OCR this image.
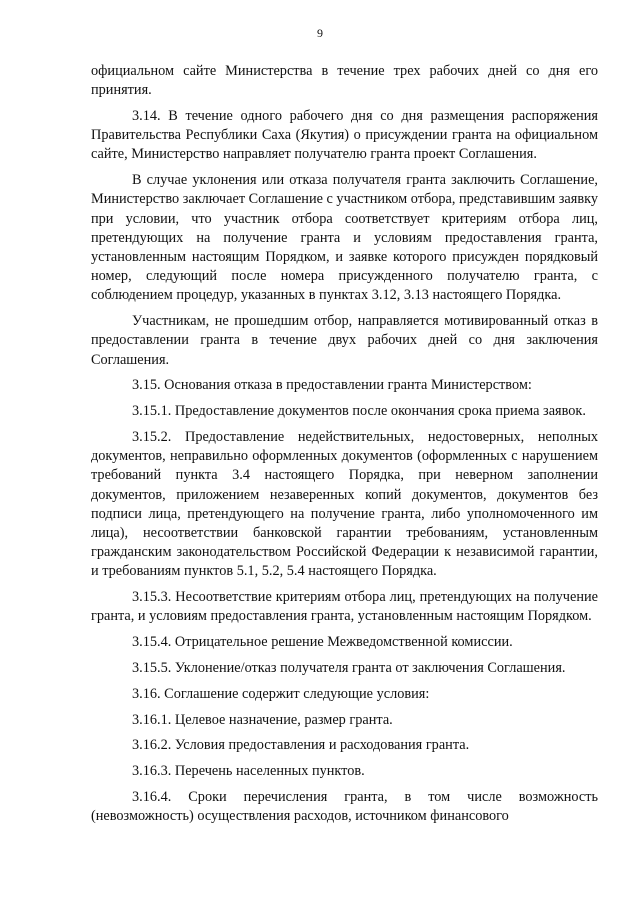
9

официальном сайте Министерства в течение трех рабочих дней со дня его принятия.

3.14. В течение одного рабочего дня со дня размещения распоряжения Правительства Республики Саха (Якутия) о присуждении гранта на официальном сайте, Министерство направляет получателю гранта проект Соглашения.

В случае уклонения или отказа получателя гранта заключить Соглашение, Министерство заключает Соглашение с участником отбора, представившим заявку при условии, что участник отбора соответствует критериям отбора лиц, претендующих на получение гранта и условиям предоставления гранта, установленным настоящим Порядком, и заявке которого присужден порядковый номер, следующий после номера присужденного получателю гранта, с соблюдением процедур, указанных в пунктах 3.12, 3.13 настоящего Порядка.

Участникам, не прошедшим отбор, направляется мотивированный отказ в предоставлении гранта в течение двух рабочих дней со дня заключения Соглашения.

3.15. Основания отказа в предоставлении гранта Министерством:

3.15.1. Предоставление документов после окончания срока приема заявок.

3.15.2. Предоставление недействительных, недостоверных, неполных документов, неправильно оформленных документов (оформленных с нарушением требований пункта 3.4 настоящего Порядка, при неверном заполнении документов, приложением незаверенных копий документов, документов без подписи лица, претендующего на получение гранта, либо уполномоченного им лица), несоответствии банковской гарантии требованиям, установленным гражданским законодательством Российской Федерации к независимой гарантии, и требованиям пунктов 5.1, 5.2, 5.4 настоящего Порядка.

3.15.3. Несоответствие критериям отбора лиц, претендующих на получение гранта, и условиям предоставления гранта, установленным настоящим Порядком.

3.15.4. Отрицательное решение Межведомственной комиссии.

3.15.5. Уклонение/отказ получателя гранта от заключения Соглашения.

3.16. Соглашение содержит следующие условия:

3.16.1. Целевое назначение, размер гранта.

3.16.2. Условия предоставления и расходования гранта.

3.16.3. Перечень населенных пунктов.

3.16.4. Сроки перечисления гранта, в том числе возможность (невозможность) осуществления расходов, источником финансового
